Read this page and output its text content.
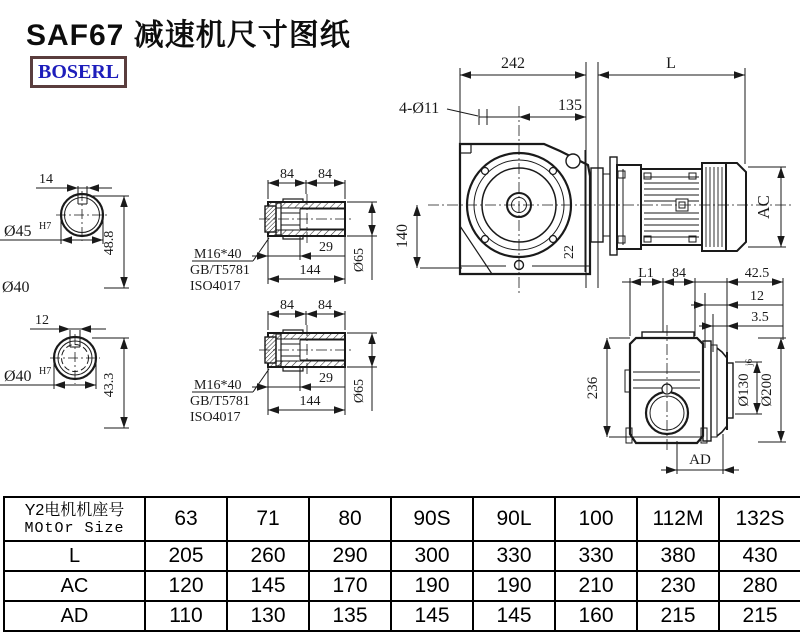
SAF67 减速机尺寸图纸
BOSERL
14
Ø45 H7
48.8
Ø40
12
Ø40 H7
43.3
84 84
29
144 Ø65
M16*40
GB/T5781
ISO4017
84 84
29
144 Ø65
M16*40
GB/T5781
ISO4017
22
242	L
4-Ø11	135
140
AC
L1 84	42.5
12
3.5
236	Ø130
j6
Ø200
AD
Y2电机机座号
MOtOr Size	63	71	80	90S	90L	100	112M	132S
L	205	260	290	300	330	330	380	430
AC	120	145	170	190	190	210	230	280
AD	110	130	135	145	145	160	215	215
